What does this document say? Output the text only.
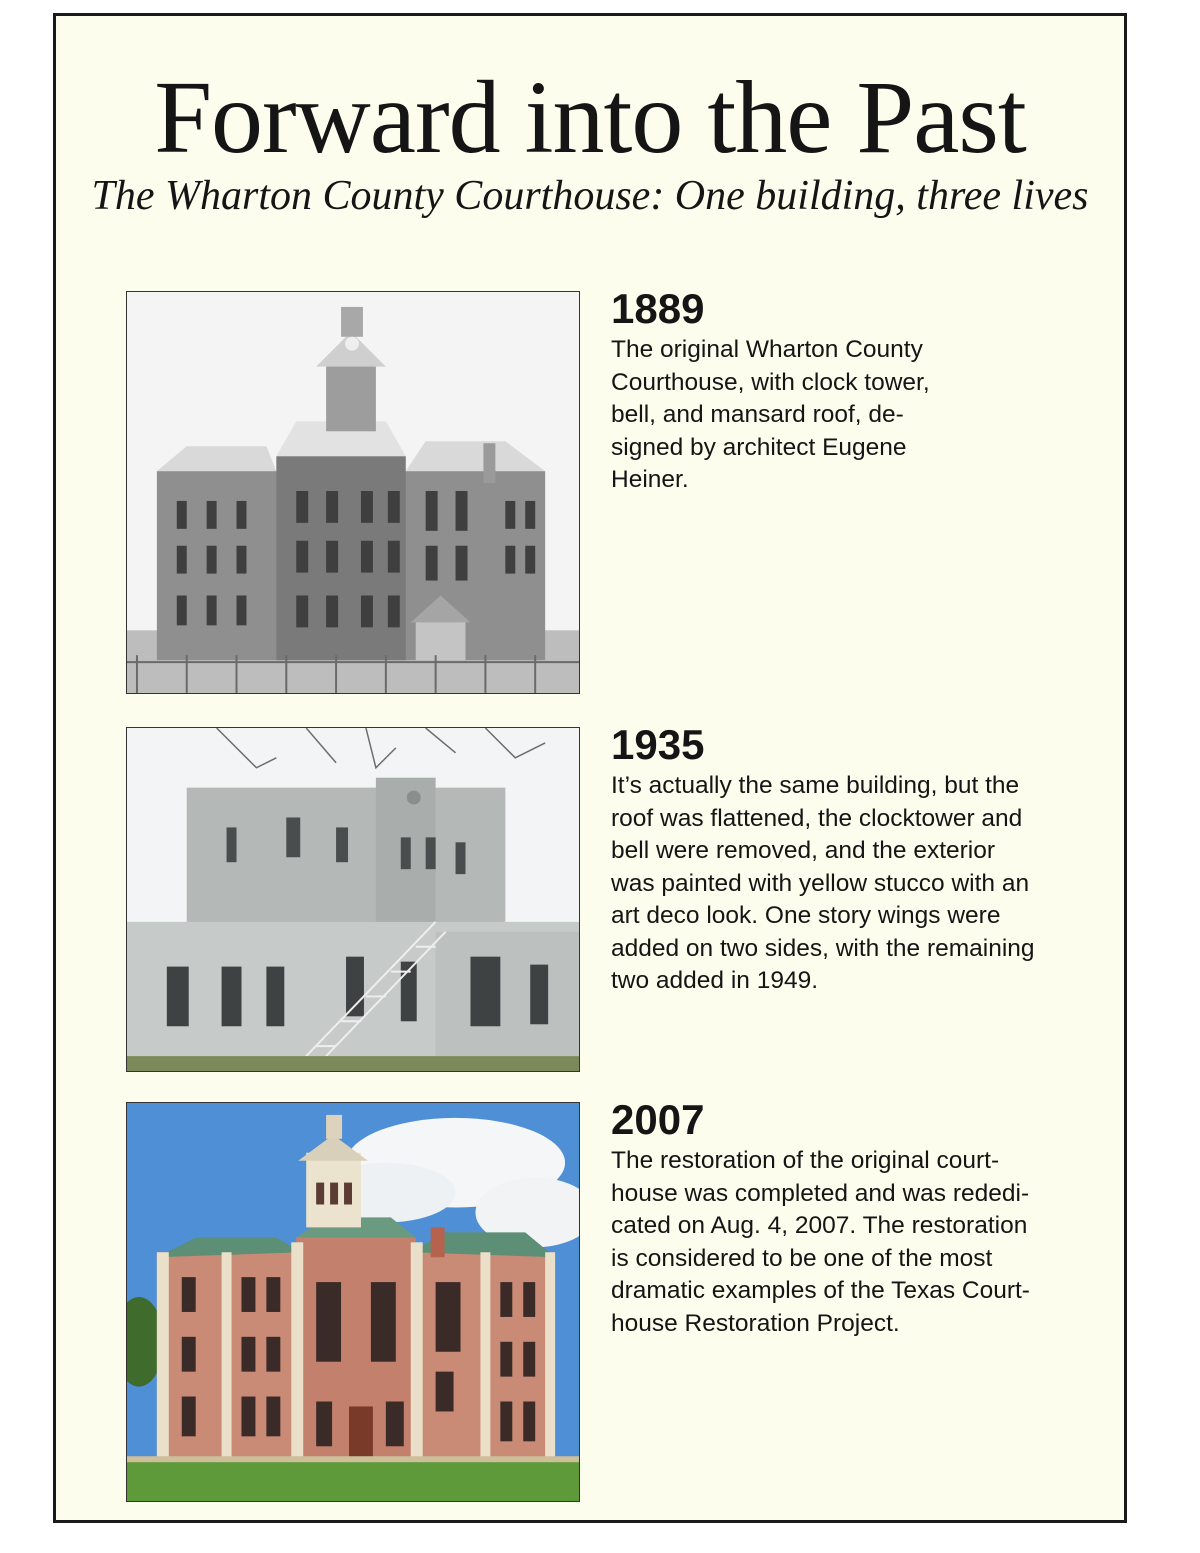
Forward into the Past
The Wharton County Courthouse: One building, three lives

1889

The original Wharton County
Courthouse, with clock tower,
bell, and mansard roof, de-
signed by architect Eugene
Heiner.

1935

It’s actually the same building, but the
roof was flattened, the clocktower and
bell were removed, and the exterior
was painted with yellow stucco with an
art deco look. One story wings were
added on two sides, with the remaining
two added in 1949.

2007

The restoration of the original court-
house was completed and was rededi-
cated on Aug. 4, 2007. The restoration
is considered to be one of the most
dramatic examples of the Texas Court-
house Restoration Project.
